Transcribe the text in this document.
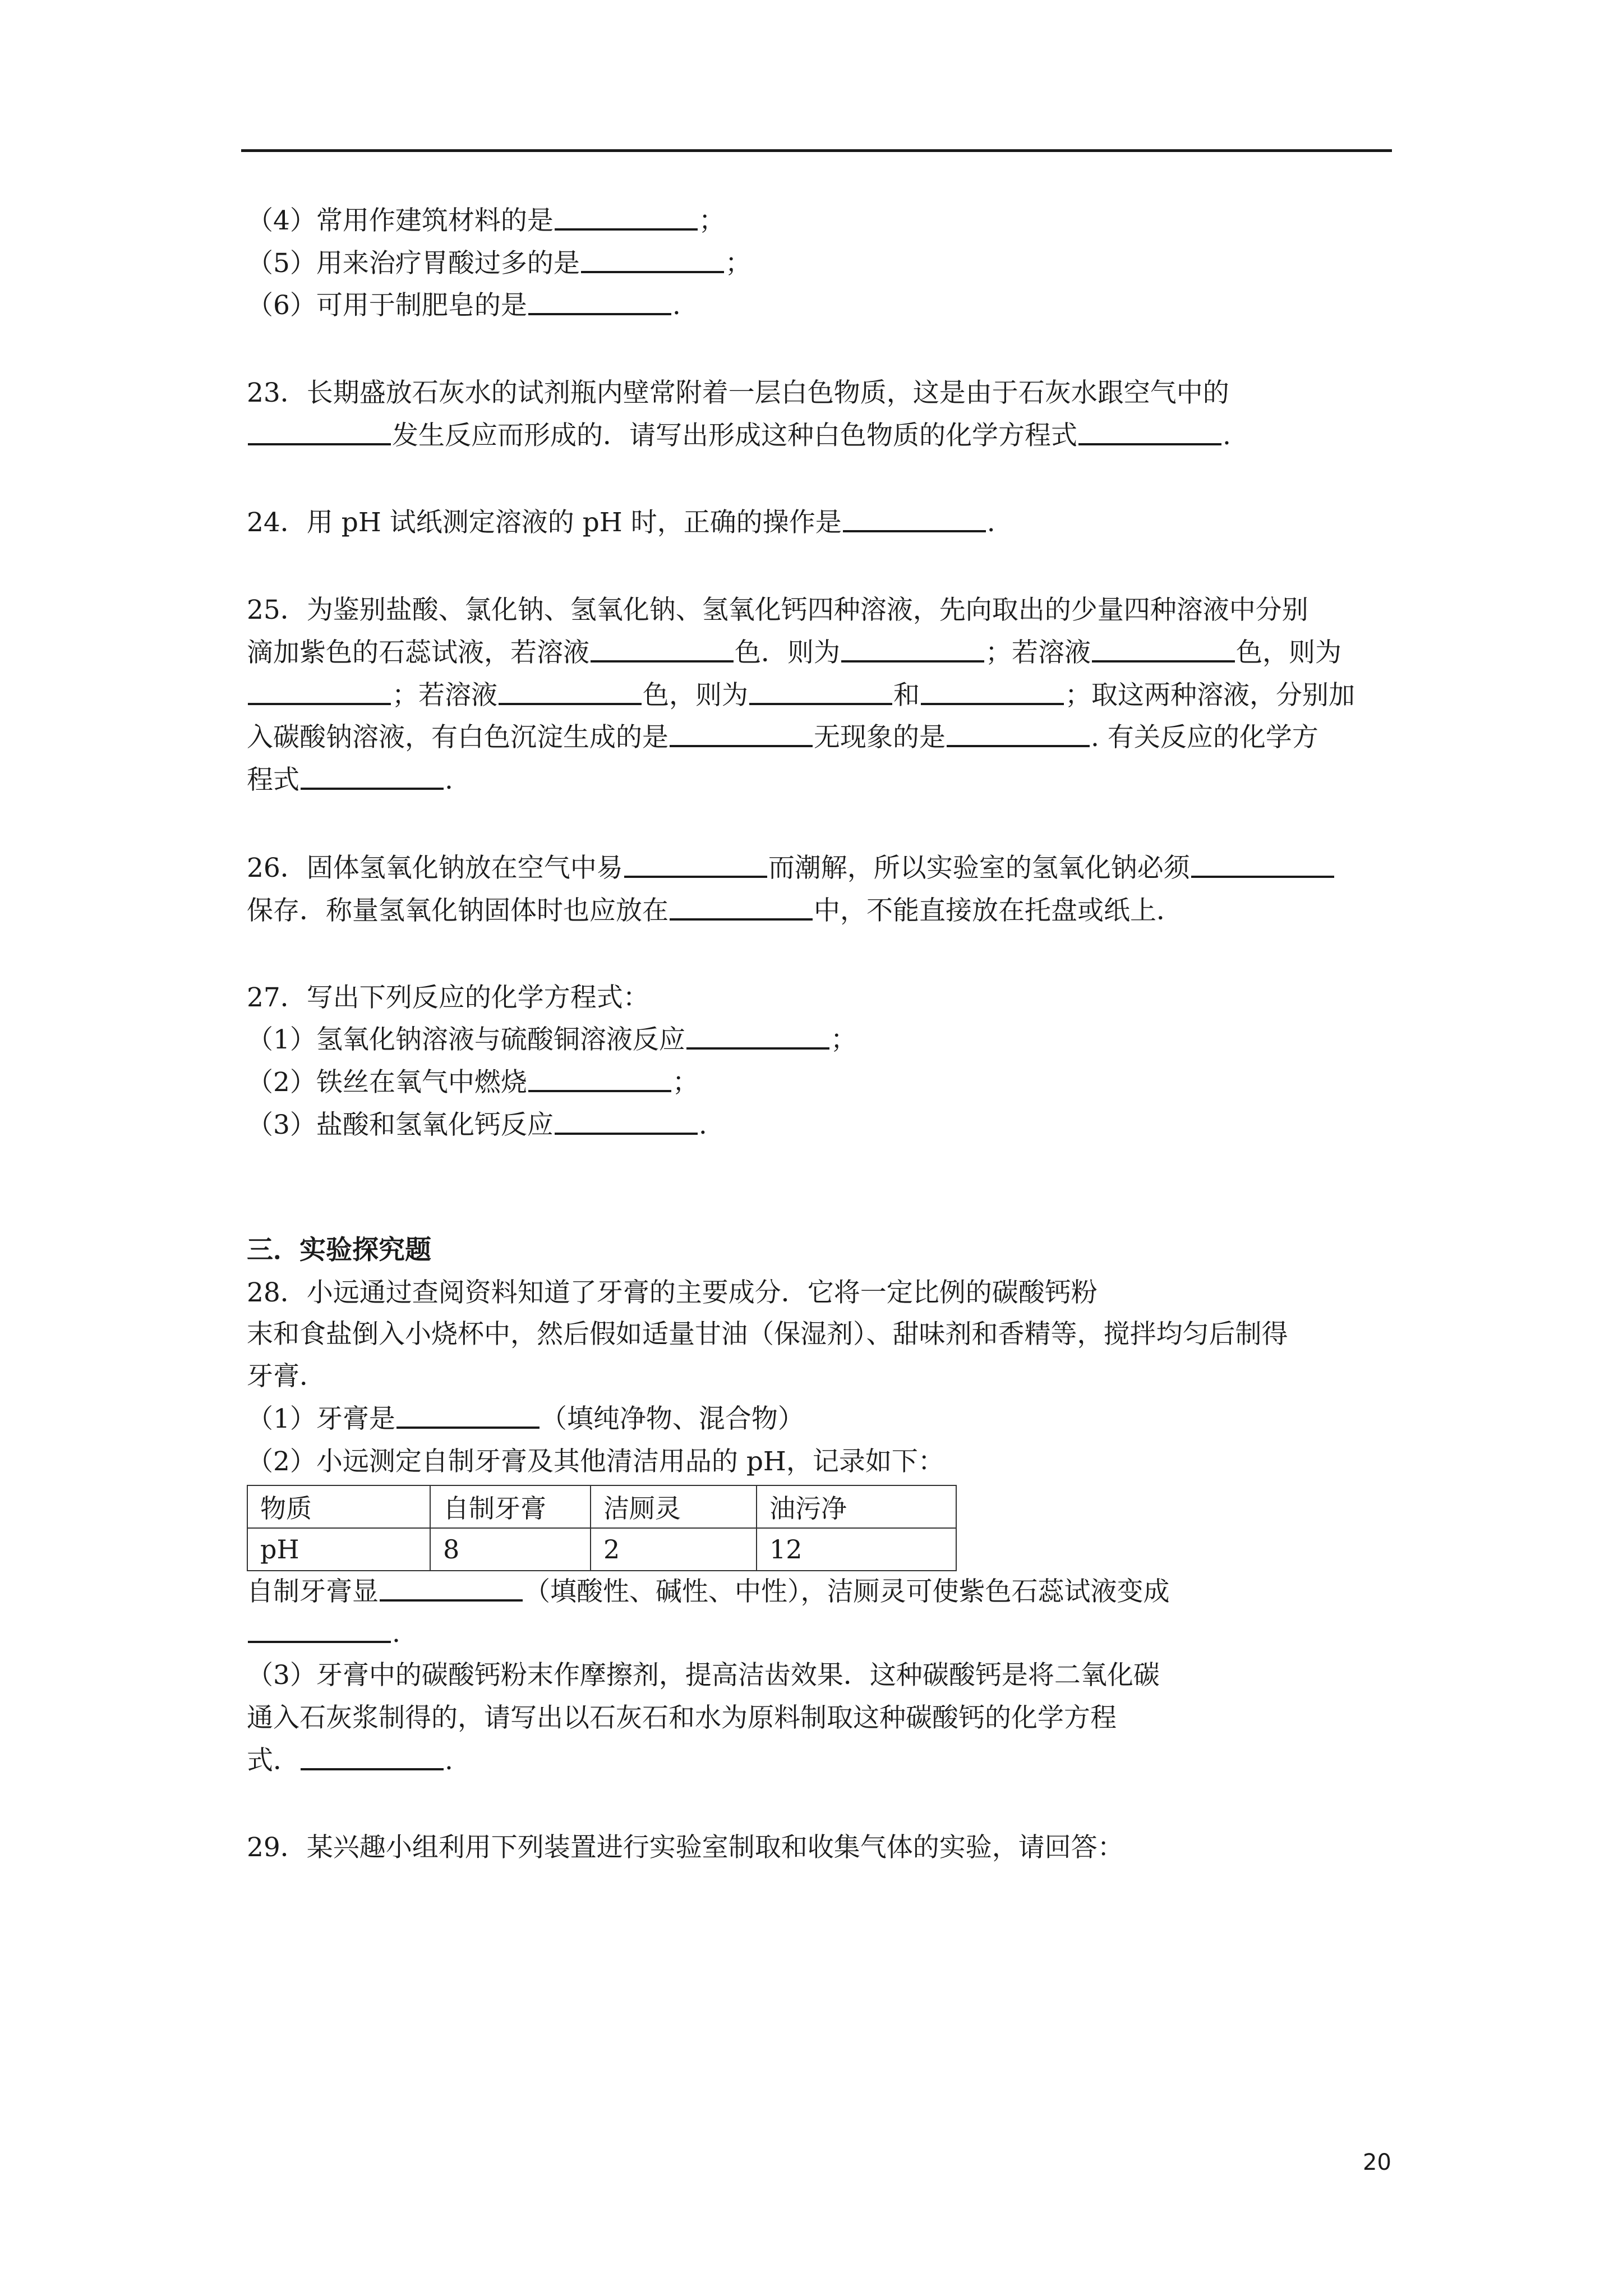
（4）常用作建筑材料的是	；
（5）用来治疗胃酸过多的是	；
（6）可用于制肥皂的是	.
23．长期盛放石灰水的试剂瓶内壁常附着一层白色物质，这是由于石灰水跟空气中的
发生反应而形成的．请写出形成这种白色物质的化学方程式	.
24．用 pH 试纸测定溶液的 pH 时，正确的操作是	.
25．为鉴别盐酸、氯化钠、氢氧化钠、氢氧化钙四种溶液，先向取出的少量四种溶液中分别
滴加紫色的石蕊试液，若溶液	色．则为	；若溶液	色，则为
；若溶液	色，则为	和	；取这两种溶液，分别加
入碳酸钠溶液，有白色沉淀生成的是	无现象的是	. 有关反应的化学方
程式	.
26．固体氢氧化钠放在空气中易	而潮解，所以实验室的氢氧化钠必须
保存．称量氢氧化钠固体时也应放在	中，不能直接放在托盘或纸上．
27．写出下列反应的化学方程式：
（1）氢氧化钠溶液与硫酸铜溶液反应	；
（2）铁丝在氧气中燃烧	；
（3）盐酸和氢氧化钙反应	.
三．实验探究题
28．小远通过查阅资料知道了牙膏的主要成分．它将一定比例的碳酸钙粉
末和食盐倒入小烧杯中，然后假如适量甘油（保湿剂）、甜味剂和香精等，搅拌均匀后制得
牙膏．
（1）牙膏是	（填纯净物、混合物）
（2）小远测定自制牙膏及其他清洁用品的 pH，记录如下：
物质	自制牙膏	洁厕灵	油污净
pH	8	2	12
自制牙膏显	（填酸性、碱性、中性），洁厕灵可使紫色石蕊试液变成
.
（3）牙膏中的碳酸钙粉末作摩擦剂，提高洁齿效果．这种碳酸钙是将二氧化碳
通入石灰浆制得的，请写出以石灰石和水为原料制取这种碳酸钙的化学方程
式．	.
29．某兴趣小组利用下列装置进行实验室制取和收集气体的实验，请回答：
20
